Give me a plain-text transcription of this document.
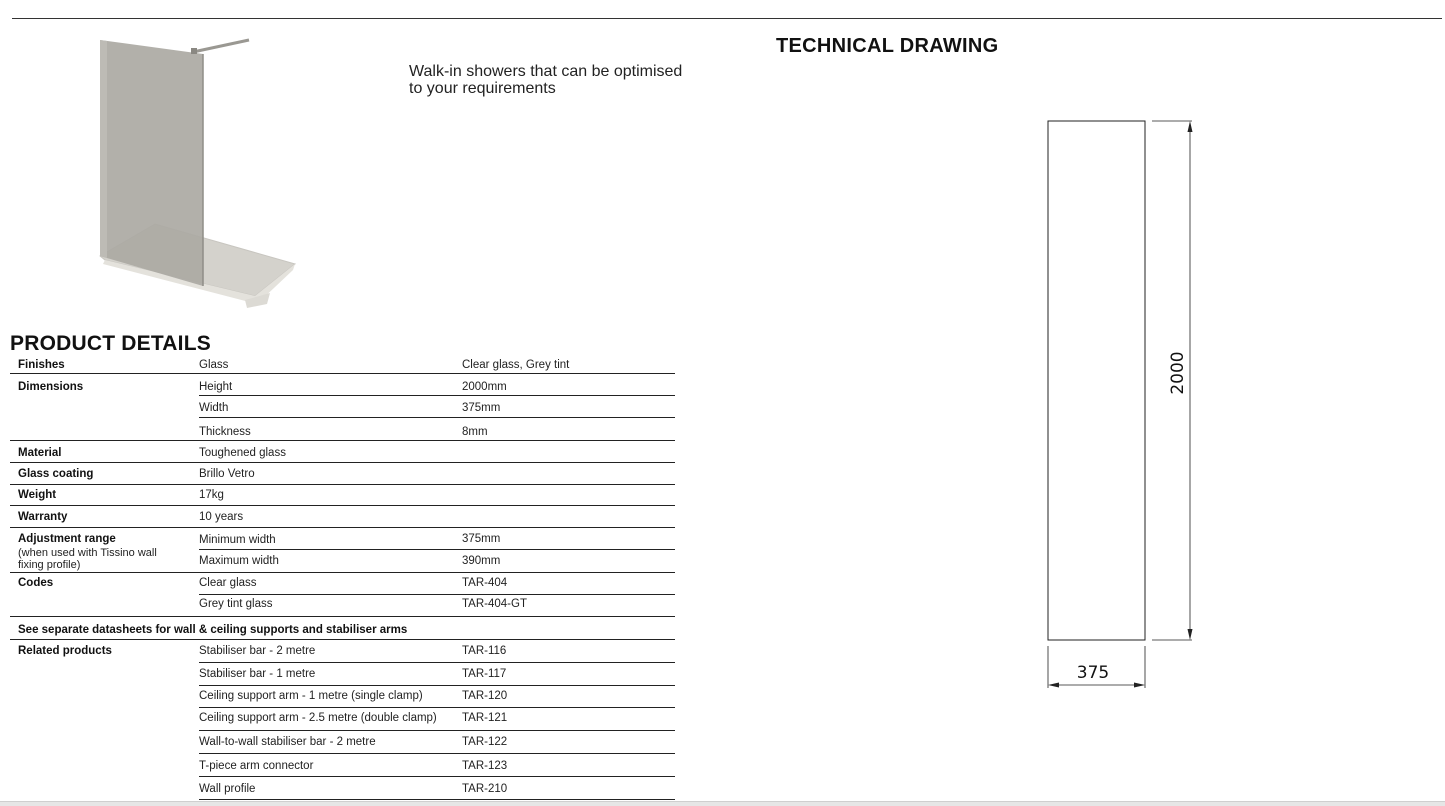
Walk-in showers that can be optimised to your requirements
TECHNICAL DRAWING
PRODUCT DETAILS
Finishes	Glass	Clear glass, Grey tint
Dimensions	Height	2000mm
Width	375mm
Thickness	8mm
Material	Toughened glass
Glass coating	Brillo Vetro
Weight	17kg
Warranty	10 years
Adjustment range
(when used with Tissino wall fixing profile)
Minimum width	375mm
Maximum width	390mm
Codes	Clear glass	TAR-404
Grey tint glass	TAR-404-GT
See separate datasheets for wall & ceiling supports and stabiliser arms
Related products	Stabiliser bar - 2 metre	TAR-116
Stabiliser bar - 1 metre	TAR-117
Ceiling support arm - 1 metre (single clamp)	TAR-120
Ceiling support arm - 2.5 metre (double clamp) TAR-121
Wall-to-wall stabiliser bar - 2 metre	TAR-122
T-piece arm connector	TAR-123
Wall profile	TAR-210
2000
375
